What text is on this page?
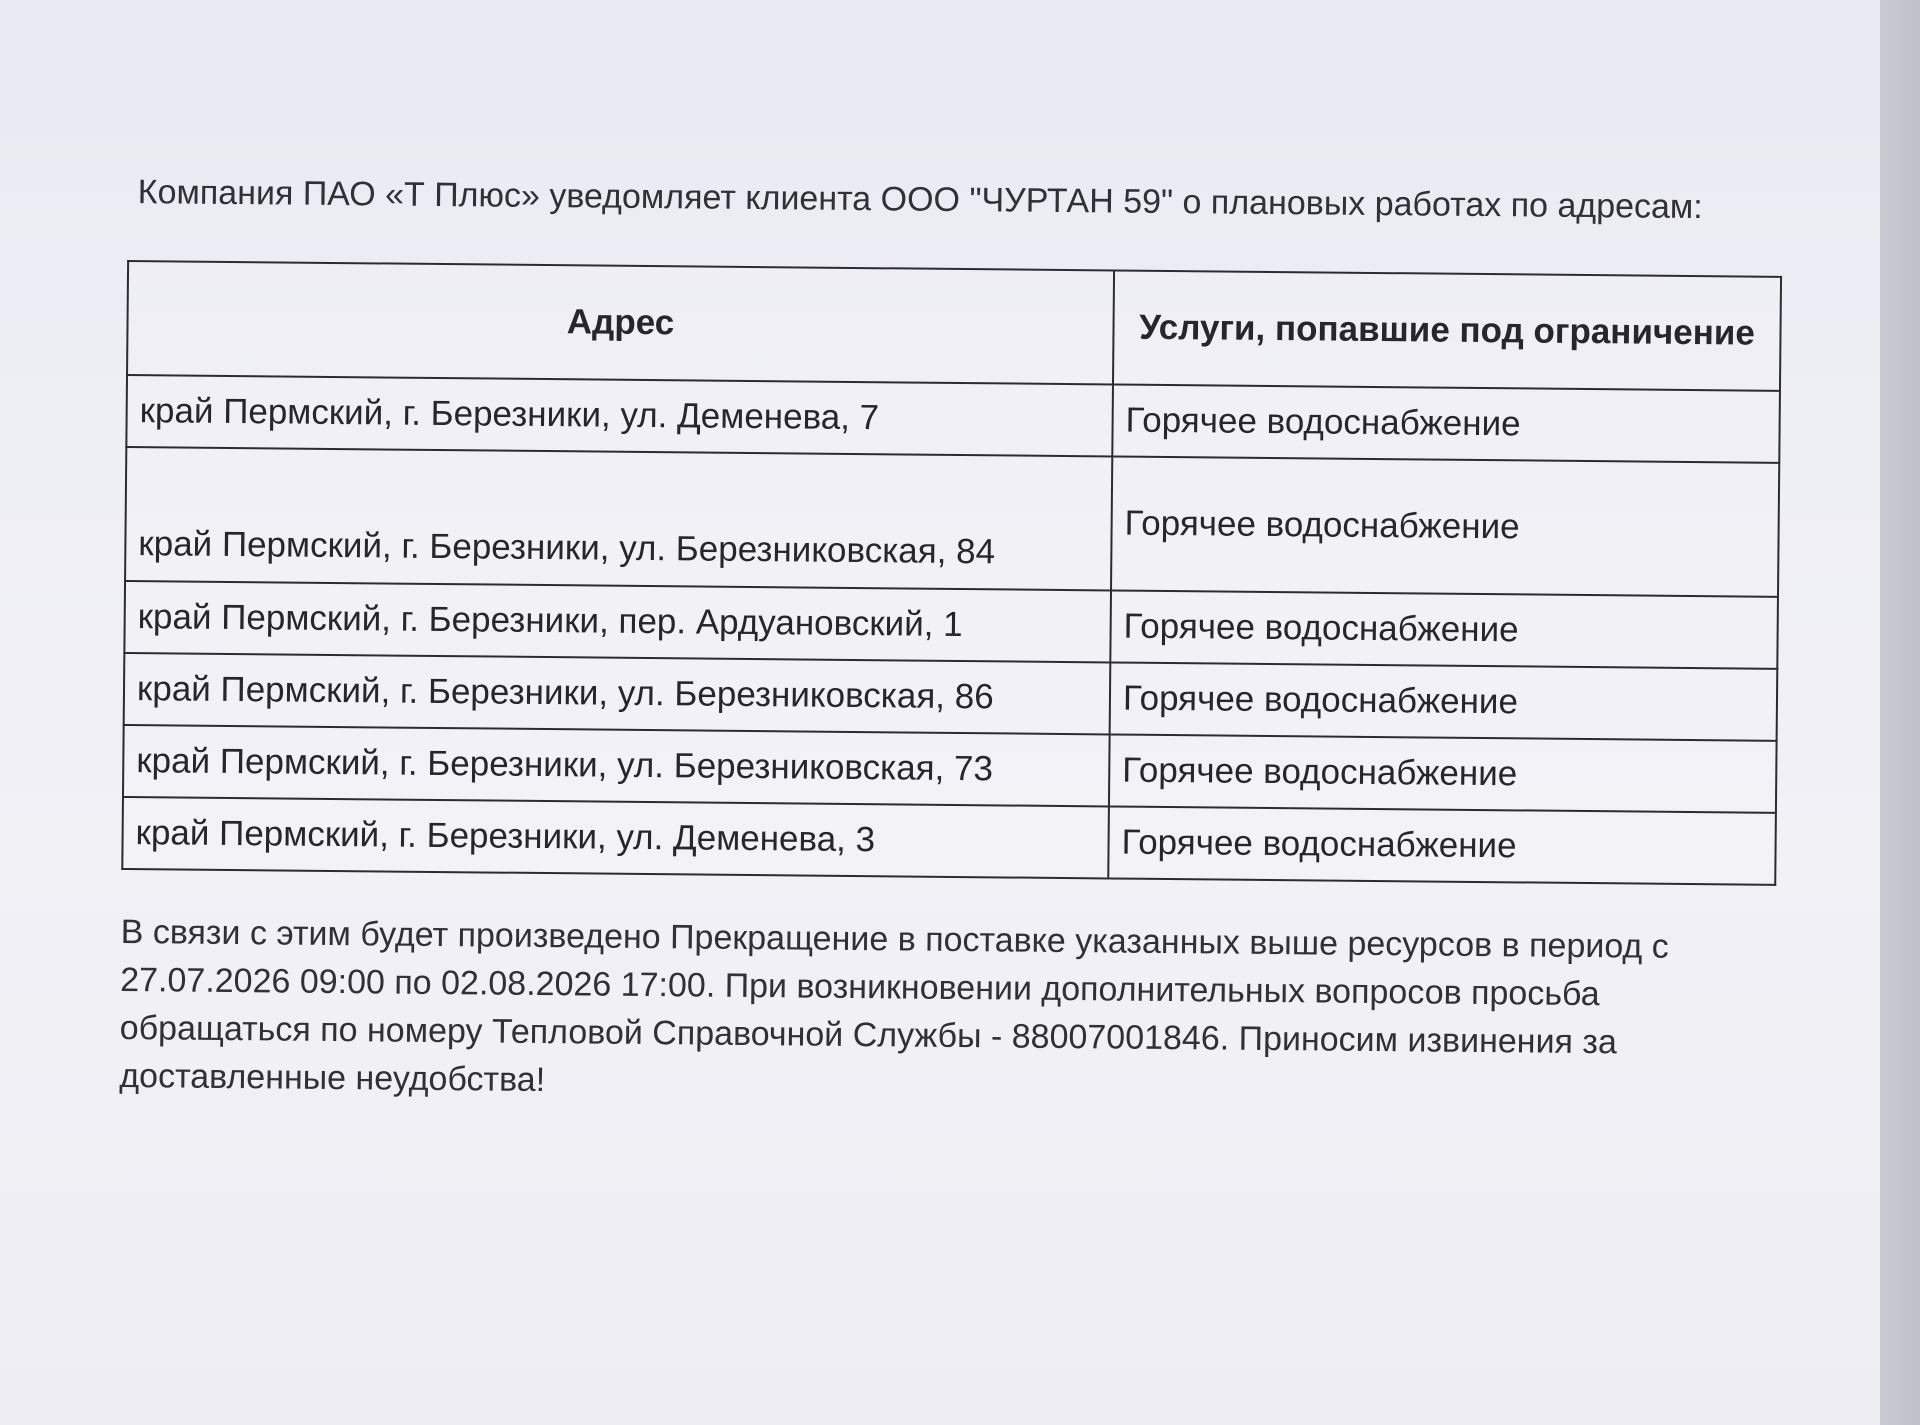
Компания ПАО «Т Плюс» уведомляет клиента ООО "ЧУРТАН 59" о плановых работах по адресам:

Адрес	Услуги, попавшие под ограничение
край Пермский, г. Березники, ул. Деменева, 7	Горячее водоснабжение
край Пермский, г. Березники, ул. Березниковская, 84	Горячее водоснабжение
край Пермский, г. Березники, пер. Ардуановский, 1	Горячее водоснабжение
край Пермский, г. Березники, ул. Березниковская, 86	Горячее водоснабжение
край Пермский, г. Березники, ул. Березниковская, 73	Горячее водоснабжение
край Пермский, г. Березники, ул. Деменева, 3	Горячее водоснабжение

В связи с этим будет произведено Прекращение в поставке указанных выше ресурсов в период с 27.07.2026 09:00 по 02.08.2026 17:00. При возникновении дополнительных вопросов просьба обращаться по номеру Тепловой Справочной Службы - 88007001846. Приносим извинения за доставленные неудобства!
